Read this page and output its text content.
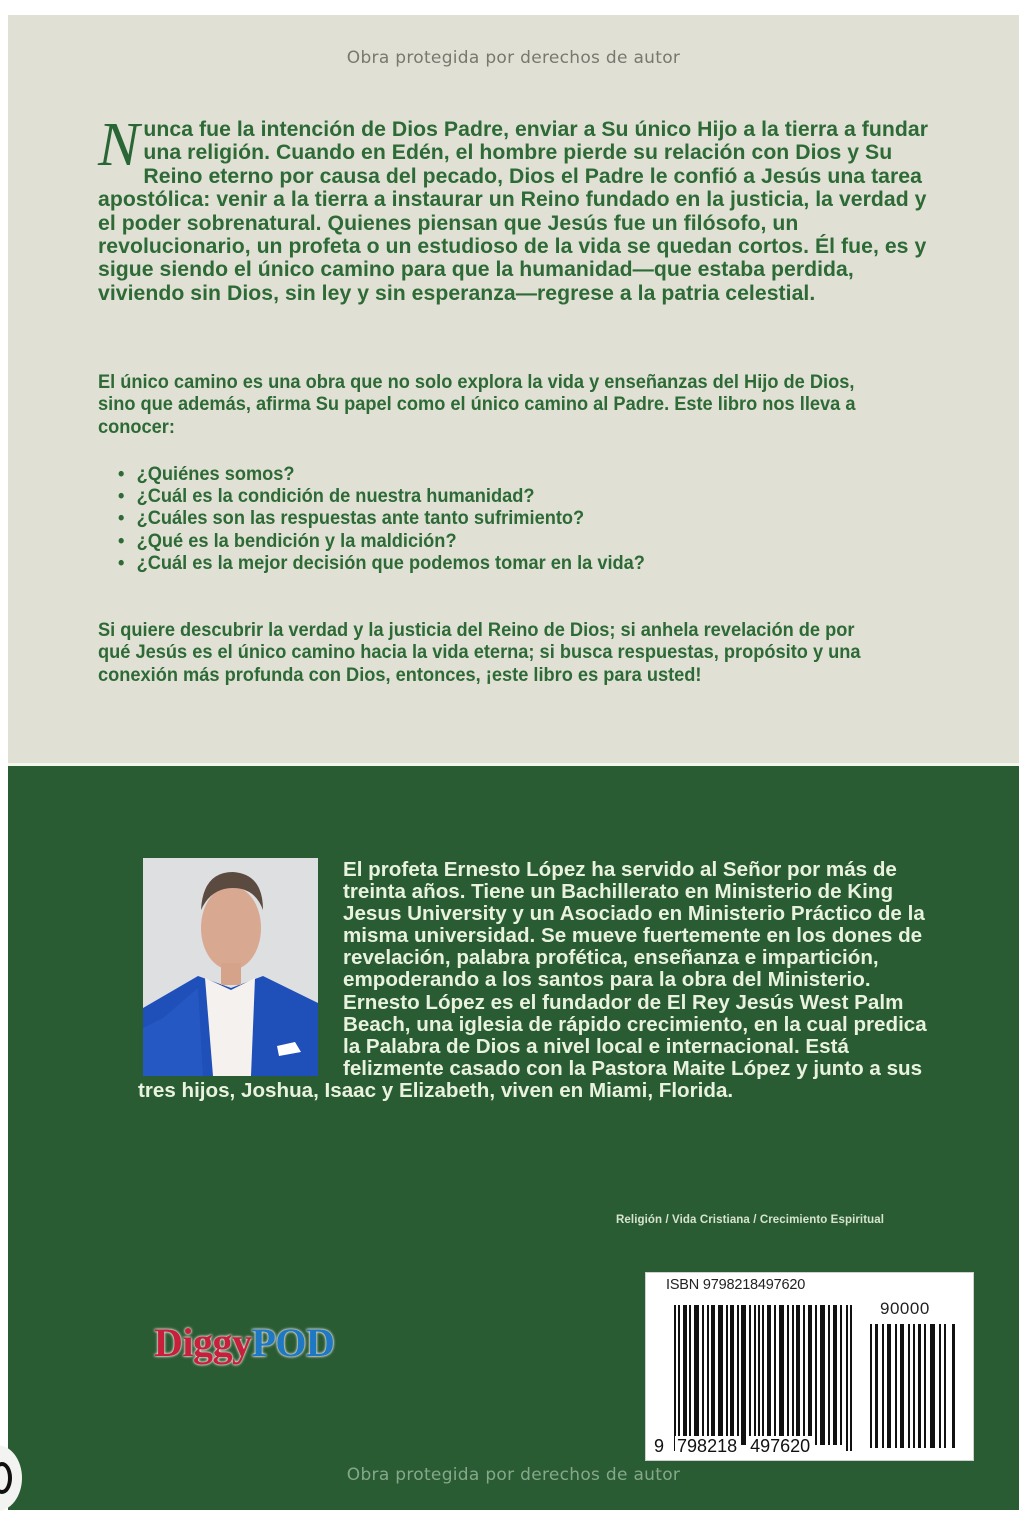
Obra protegida por derechos de autor
N unca fue la intención de Dios Padre, enviar a Su único Hijo a la tierra a fundar una religión. Cuando en Edén, el hombre pierde su relación con Dios y Su Reino eterno por causa del pecado, Dios el Padre le confió a Jesús una tarea apostólica: venir a la tierra a instaurar un Reino fundado en la justicia, la verdad y el poder sobrenatural. Quienes piensan que Jesús fue un filósofo, un revolucionario, un profeta o un estudioso de la vida se quedan cortos. Él fue, es y sigue siendo el único camino para que la humanidad—que estaba perdida, viviendo sin Dios, sin ley y sin esperanza—regrese a la patria celestial.
El único camino es una obra que no solo explora la vida y enseñanzas del Hijo de Dios, sino que además, afirma Su papel como el único camino al Padre. Este libro nos lleva a conocer:
• ¿Quiénes somos?
• ¿Cuál es la condición de nuestra humanidad?
• ¿Cuáles son las respuestas ante tanto sufrimiento?
• ¿Qué es la bendición y la maldición?
• ¿Cuál es la mejor decisión que podemos tomar en la vida?
Si quiere descubrir la verdad y la justicia del Reino de Dios; si anhela revelación de por qué Jesús es el único camino hacia la vida eterna; si busca respuestas, propósito y una conexión más profunda con Dios, entonces, ¡este libro es para usted!
El profeta Ernesto López ha servido al Señor por más de treinta años. Tiene un Bachillerato en Ministerio de King Jesus University y un Asociado en Ministerio Práctico de la misma universidad. Se mueve fuertemente en los dones de revelación, palabra profética, enseñanza e impartición, empoderando a los santos para la obra del Ministerio. Ernesto López es el fundador de El Rey Jesús West Palm Beach, una iglesia de rápido crecimiento, en la cual predica la Palabra de Dios a nivel local e internacional. Está felizmente casado con la Pastora Maite López y junto a sus tres hijos, Joshua, Isaac y Elizabeth, viven en Miami, Florida.
Religión / Vida Cristiana / Crecimiento Espiritual
DiggyPOD
ISBN 9798218497620
90000
9 798218 497620
Obra protegida por derechos de autor
